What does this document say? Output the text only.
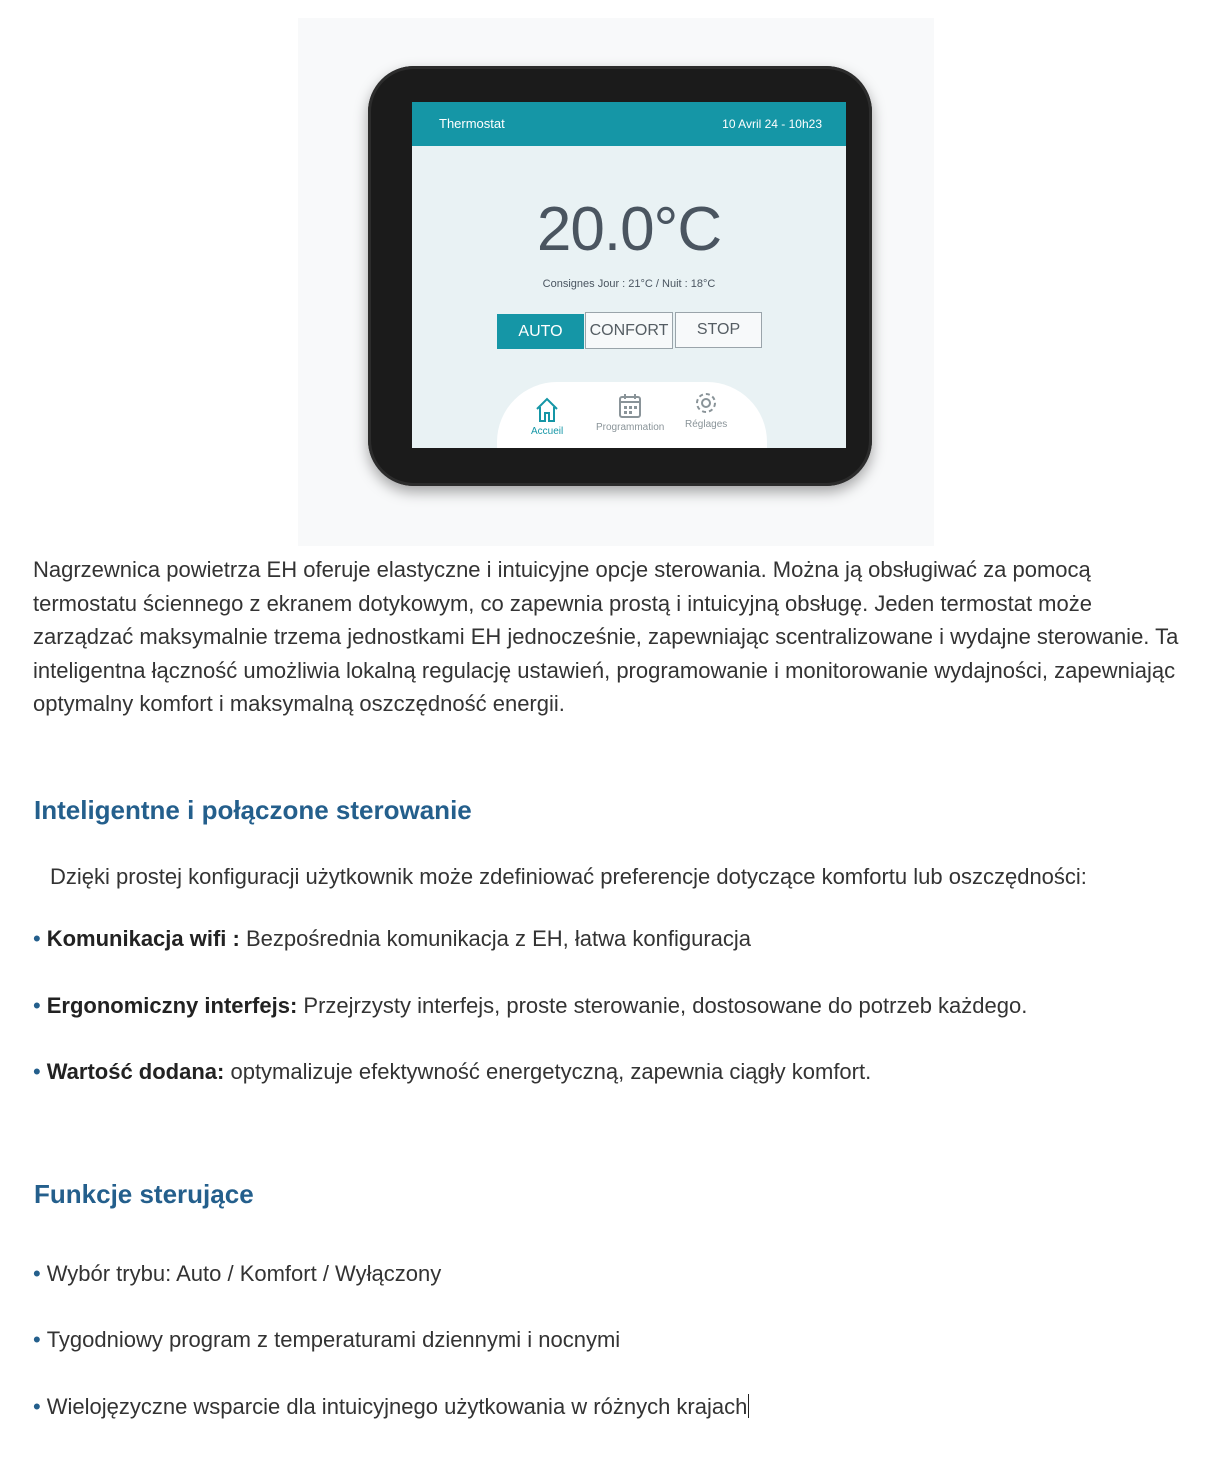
Thermostat	10 Avril 24 - 10h23
20.0°C
Consignes Jour : 21°C / Nuit : 18°C
AUTO	CONFORT	STOP
Accueil	Programmation Réglages

Nagrzewnica powietrza EH oferuje elastyczne i intuicyjne opcje sterowania. Można ją obsługiwać za pomocą termostatu ściennego z ekranem dotykowym, co zapewnia prostą i intuicyjną obsługę. Jeden termostat może zarządzać maksymalnie trzema jednostkami EH jednocześnie, zapewniając scentralizowane i wydajne sterowanie. Ta inteligentna łączność umożliwia lokalną regulację ustawień, programowanie i monitorowanie wydajności, zapewniając optymalny komfort i maksymalną oszczędność energii.

Inteligentne i połączone sterowanie
Dzięki prostej konfiguracji użytkownik może zdefiniować preferencje dotyczące komfortu lub oszczędności:
• Komunikacja wifi : Bezpośrednia komunikacja z EH, łatwa konfiguracja
• Ergonomiczny interfejs: Przejrzysty interfejs, proste sterowanie, dostosowane do potrzeb każdego.
• Wartość dodana: optymalizuje efektywność energetyczną, zapewnia ciągły komfort.
Funkcje sterujące
• Wybór trybu: Auto / Komfort / Wyłączony
• Tygodniowy program z temperaturami dziennymi i nocnymi
• Wielojęzyczne wsparcie dla intuicyjnego użytkowania w różnych krajach
